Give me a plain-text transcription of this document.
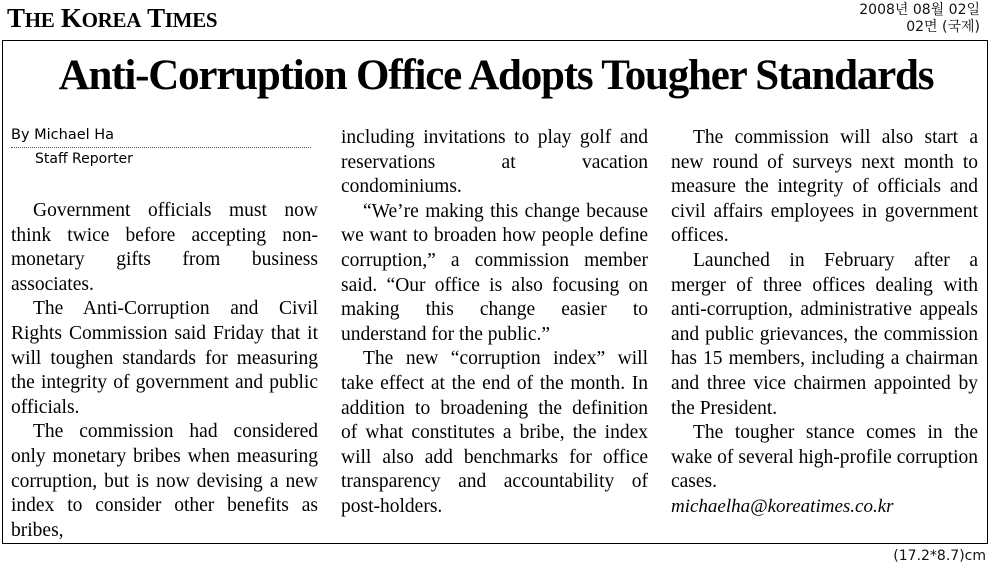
THE KOREA TIMES	2008년 08월 02일
02면 (국제)
Anti-Corruption Office Adopts Tougher Standards
By Michael Ha
Staff Reporter

Government officials must now think twice before accepting non-monetary gifts from business associates.

The Anti-Corruption and Civil Rights Commission said Friday that it will toughen standards for measuring the integrity of government and public officials.

The commission had considered only monetary bribes when measuring corruption, but is now devising a new index to consider other benefits as bribes,

including invitations to play golf and reservations at vacation condominiums.

“We’re making this change because we want to broaden how people define corruption,” a commission member said. “Our office is also focusing on making this change easier to understand for the public.”

The new “corruption index” will take effect at the end of the month. In addition to broadening the definition of what constitutes a bribe, the index will also add benchmarks for office transparency and accountability of post-holders.

The commission will also start a new round of surveys next month to measure the integrity of officials and civil affairs employees in government offices.

Launched in February after a merger of three offices dealing with anti-corruption, administrative appeals and public grievances, the commission has 15 members, including a chairman and three vice chairmen appointed by the President.

The tougher stance comes in the wake of several high-profile corruption cases.

michaelha@koreatimes.co.kr
(17.2*8.7)cm
